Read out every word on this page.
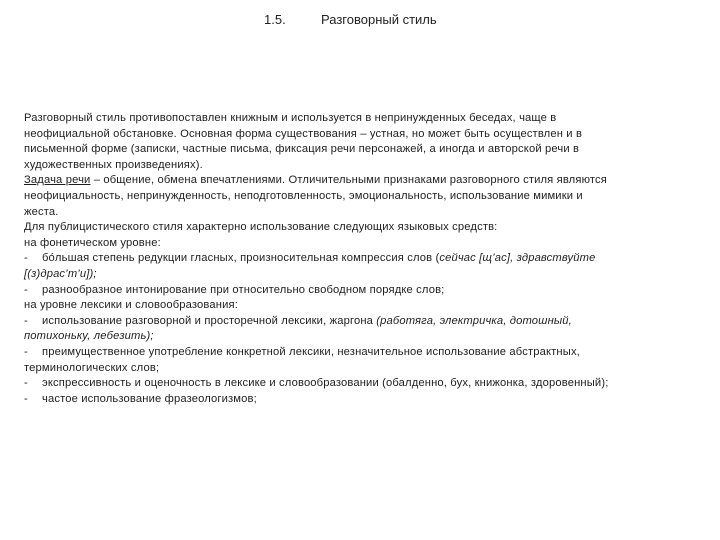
1.5.	Разговорный стиль
Разговорный стиль противопоставлен книжным и используется в непринужденных беседах, чаще в
неофициальной обстановке. Основная форма существования – устная, но может быть осуществлен и в
письменной форме (записки, частные письма, фиксация речи персонажей, а иногда и авторской речи в
художественных произведениях).
Задача речи – общение, обмена впечатлениями. Отличительными признаками разговорного стиля являются
неофициальность, непринужденность, неподготовленность, эмоциональность, использование мимики и
жеста.
Для публицистического стиля характерно использование следующих языковых средств:
на фонетическом уровне:
-	бо́льшая степень редукции гласных, произносительная компрессия слов (сейчас [щ’ас], здравствуйте
[(з)драс’т’и]);
-	разнообразное интонирование при относительно свободном порядке слов;
на уровне лексики и словообразования:
-	использование разговорной и просторечной лексики, жаргона (работяга, электричка, дотошный,
потихоньку, лебезить);
-	преимущественное употребление конкретной лексики, незначительное использование абстрактных,
терминологических слов;
-	экспрессивность и оценочность в лексике и словообразовании (обалденно, бух, книжонка, здоровенный);
-	частое использование фразеологизмов;
